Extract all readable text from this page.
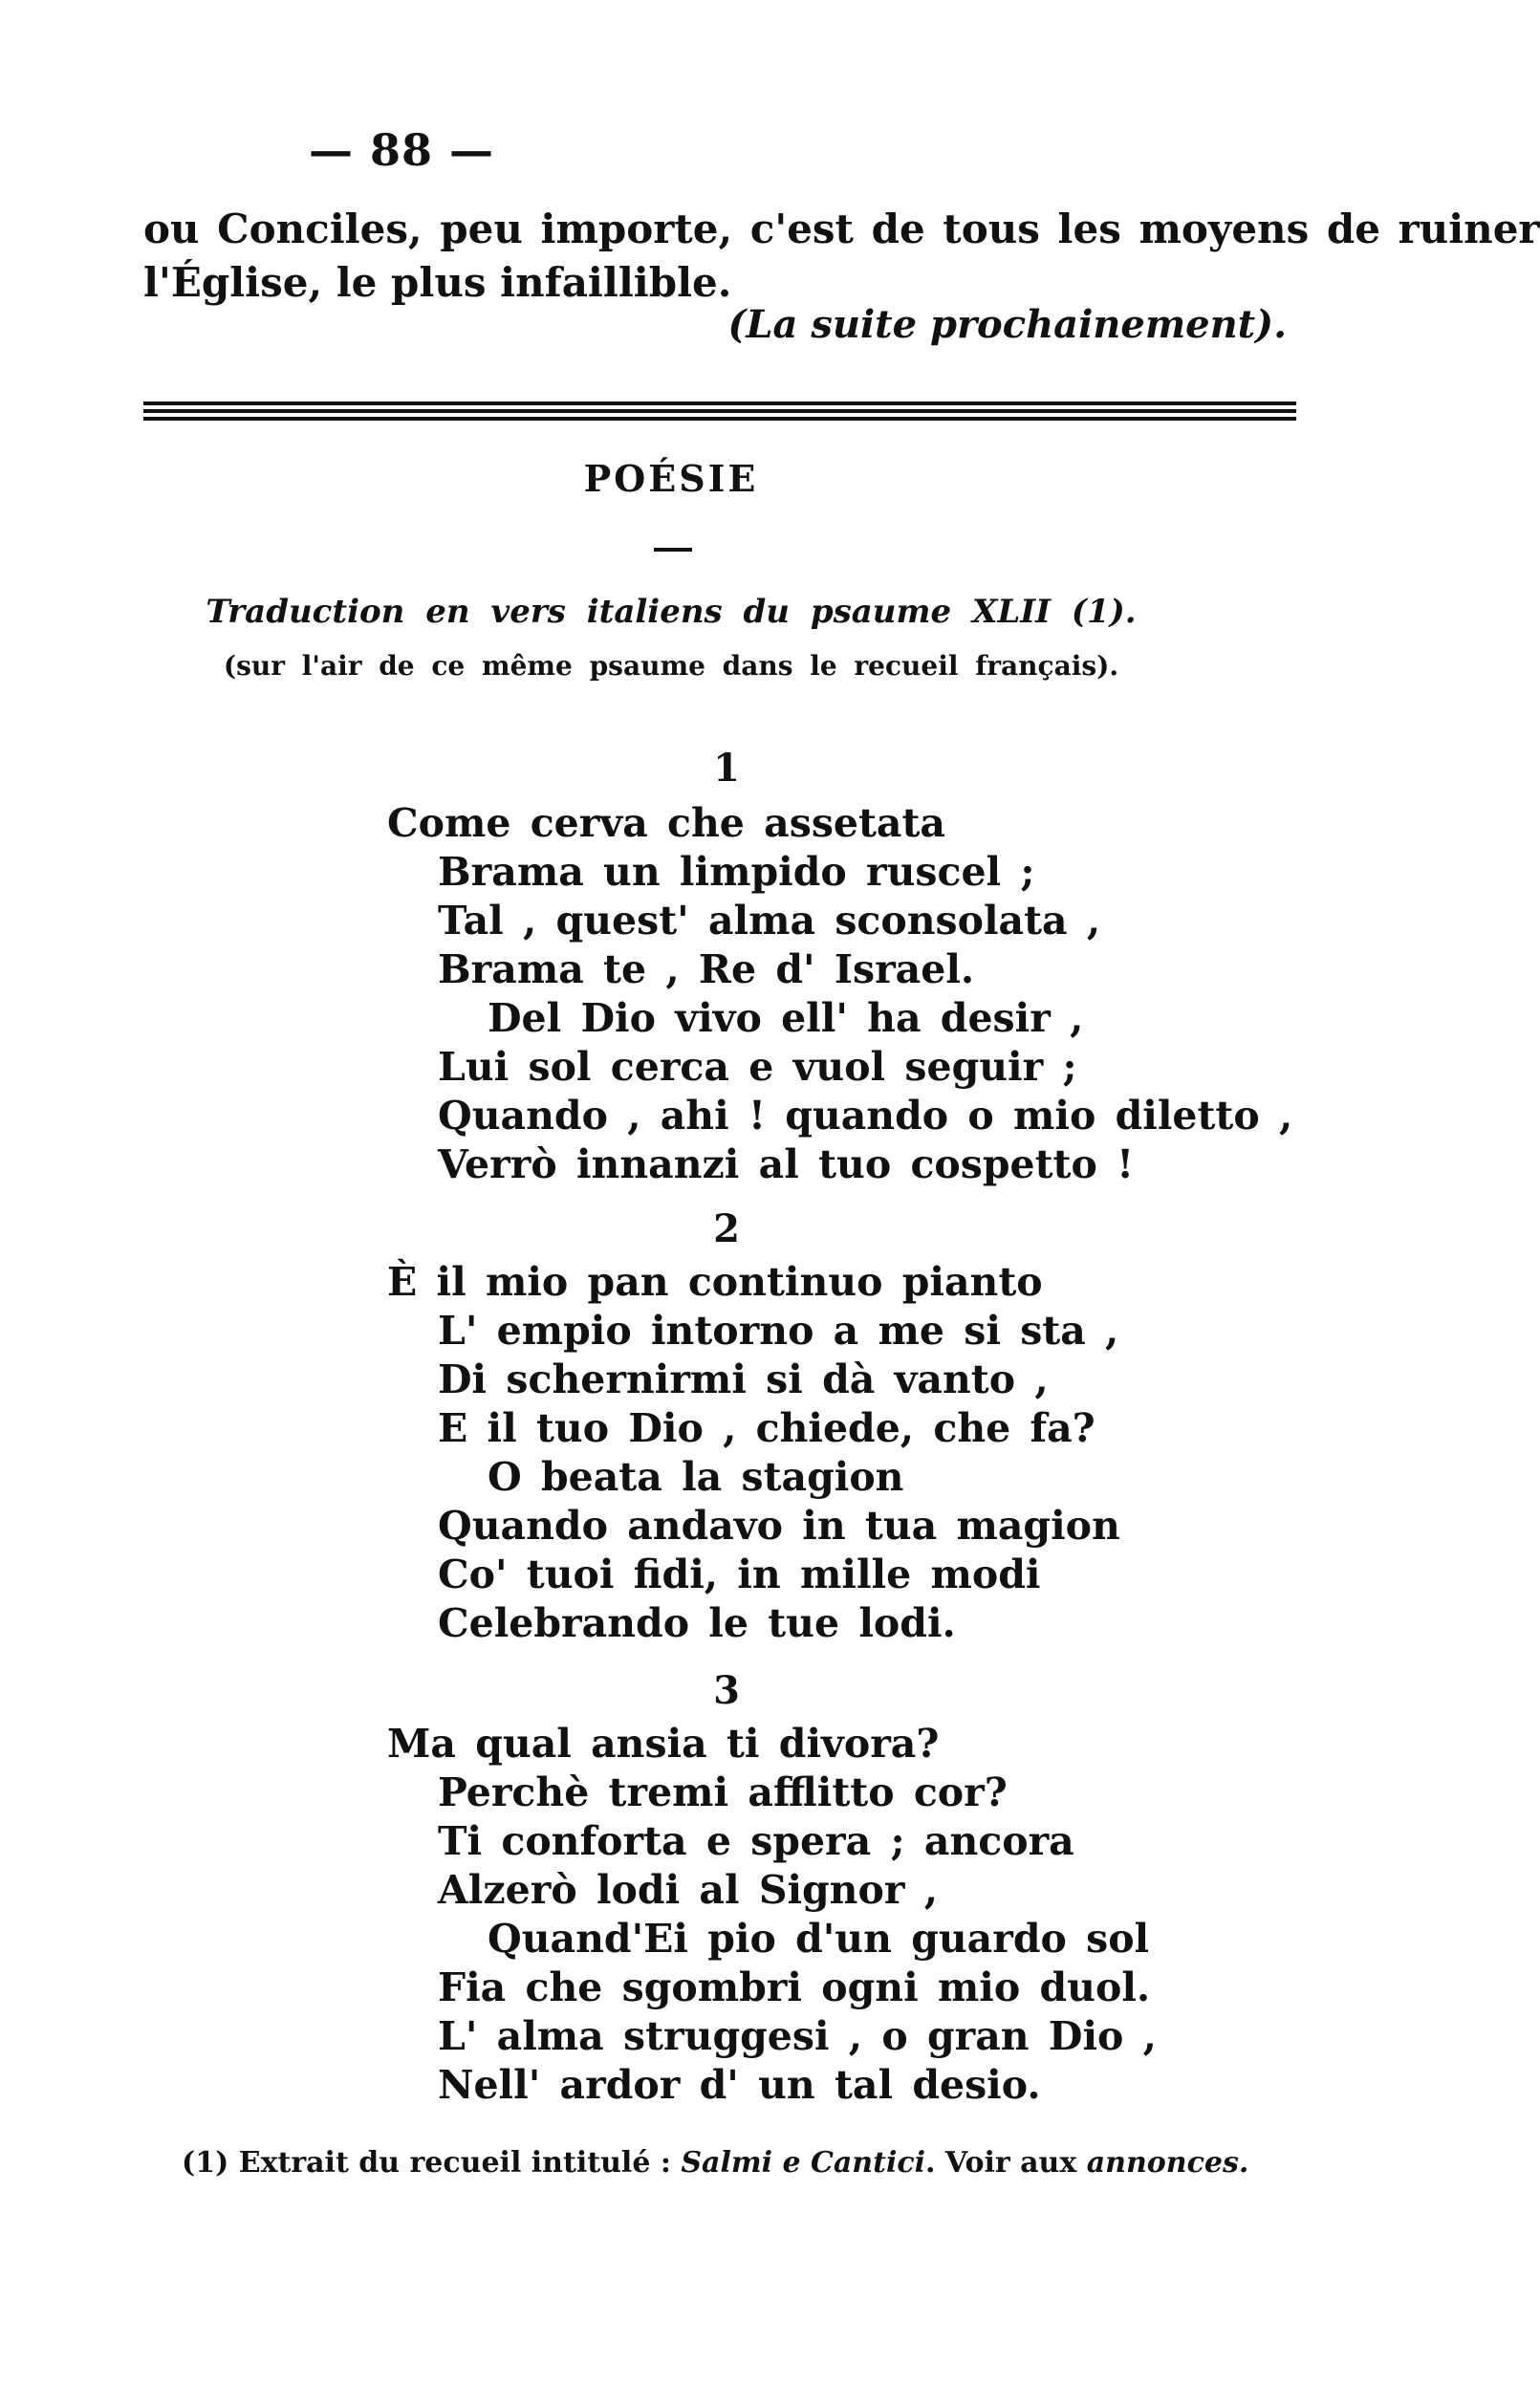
— 88 —
ou Conciles, peu importe, c'est de tous les moyens de ruiner
l'Église, le plus infaillible.
(La suite prochainement).
POÉSIE
Traduction en vers italiens du psaume XLII (1).
(sur l'air de ce même psaume dans le recueil français).
1
Come cerva che assetata
Brama un limpido ruscel ;
Tal , quest' alma sconsolata ,
Brama te , Re d' Israel.
Del Dio vivo ell' ha desir ,
Lui sol cerca e vuol seguir ;
Quando , ahi ! quando o mio diletto ,
Verrò innanzi al tuo cospetto !
2
È il mio pan continuo pianto
L' empio intorno a me si sta ,
Di schernirmi si dà vanto ,
E il tuo Dio , chiede, che fa?
O beata la stagion
Quando andavo in tua magion
Co' tuoi fidi, in mille modi
Celebrando le tue lodi.
3
Ma qual ansia ti divora?
Perchè tremi afflitto cor?
Ti conforta e spera ; ancora
Alzerò lodi al Signor ,
Quand'Ei pio d'un guardo sol
Fia che sgombri ogni mio duol.
L' alma struggesi , o gran Dio ,
Nell' ardor d' un tal desio.
(1) Extrait du recueil intitulé : Salmi e Cantici. Voir aux annonces.
